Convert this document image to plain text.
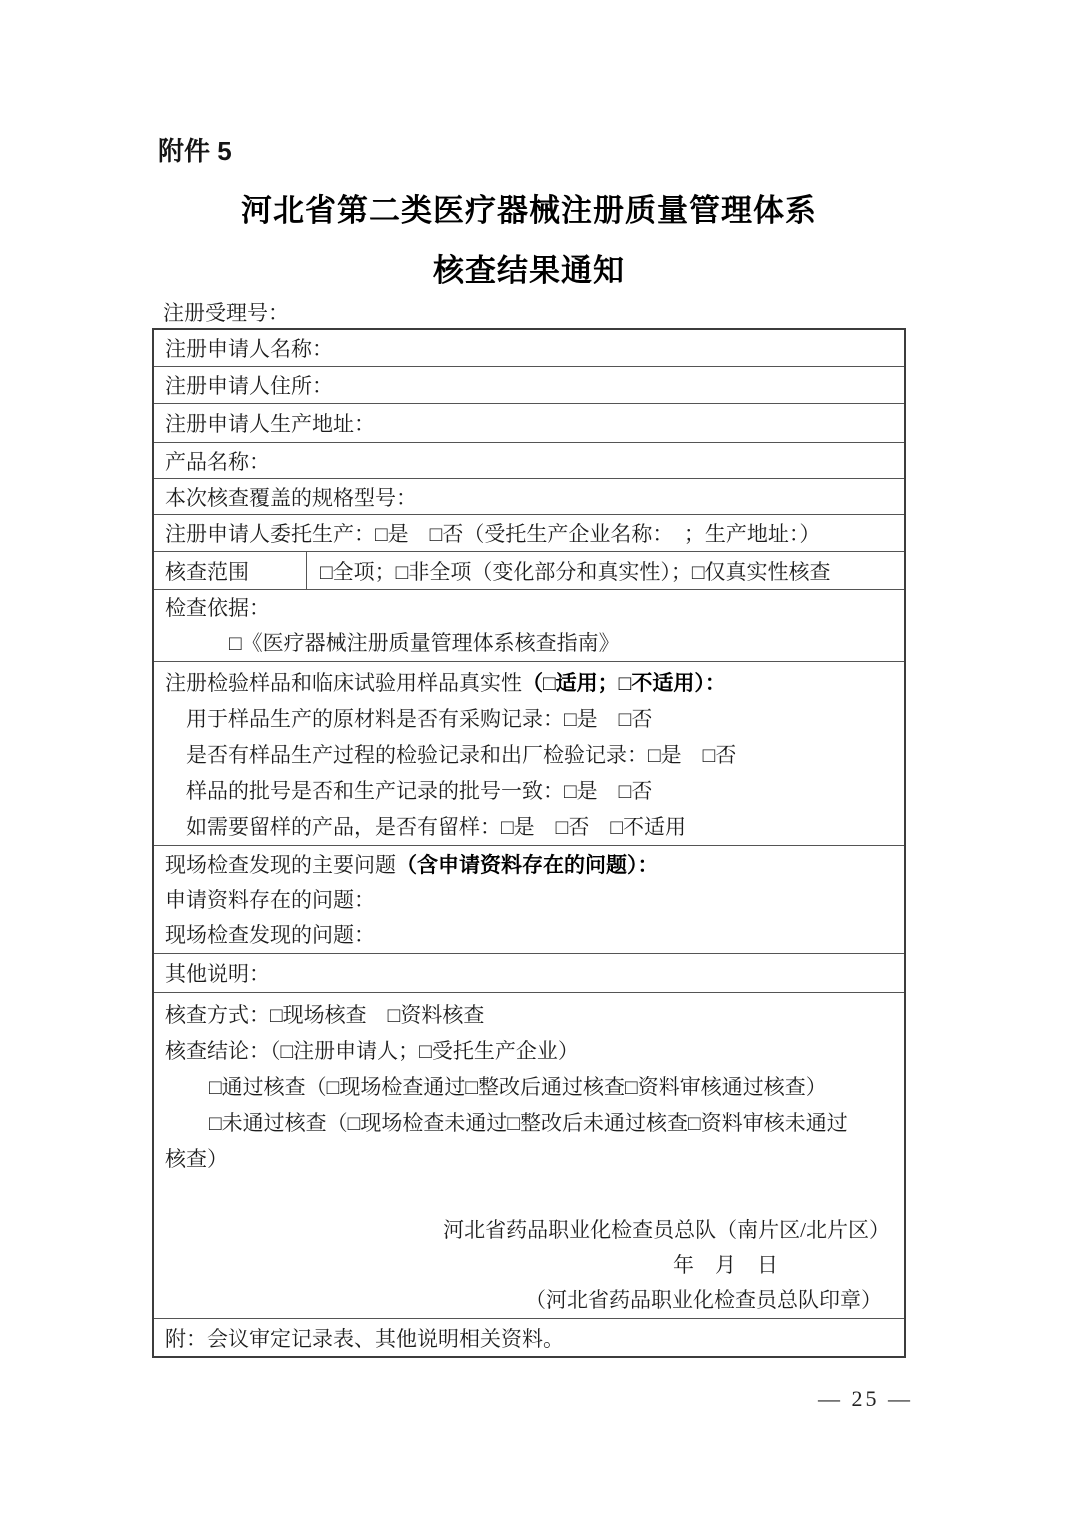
附件 5
河北省第二类医疗器械注册质量管理体系
核查结果通知
注册受理号：
注册申请人名称：
注册申请人住所：
注册申请人生产地址：
产品名称：
本次核查覆盖的规格型号：
注册申请人委托生产：□是　□否（受托生产企业名称：　；生产地址：）
核查范围	□全项；□非全项（变化部分和真实性）；□仅真实性核查
检查依据：
□《医疗器械注册质量管理体系核查指南》
注册检验样品和临床试验用样品真实性（□适用；□不适用）：
用于样品生产的原材料是否有采购记录：□是　□否
是否有样品生产过程的检验记录和出厂检验记录：□是　□否
样品的批号是否和生产记录的批号一致：□是　□否
如需要留样的产品，是否有留样：□是　□否　□不适用
现场检查发现的主要问题（含申请资料存在的问题）：
申请资料存在的问题：
现场检查发现的问题：
其他说明：
核查方式：□现场核查　□资料核查
核查结论：（□注册申请人；□受托生产企业）
□通过核查（□现场检查通过□整改后通过核查□资料审核通过核查）
□未通过核查（□现场检查未通过□整改后未通过核查□资料审核未通过
核查）
河北省药品职业化检查员总队（南片区/北片区）
年　月　日
（河北省药品职业化检查员总队印章）
附：会议审定记录表、其他说明相关资料。
— 25 —
